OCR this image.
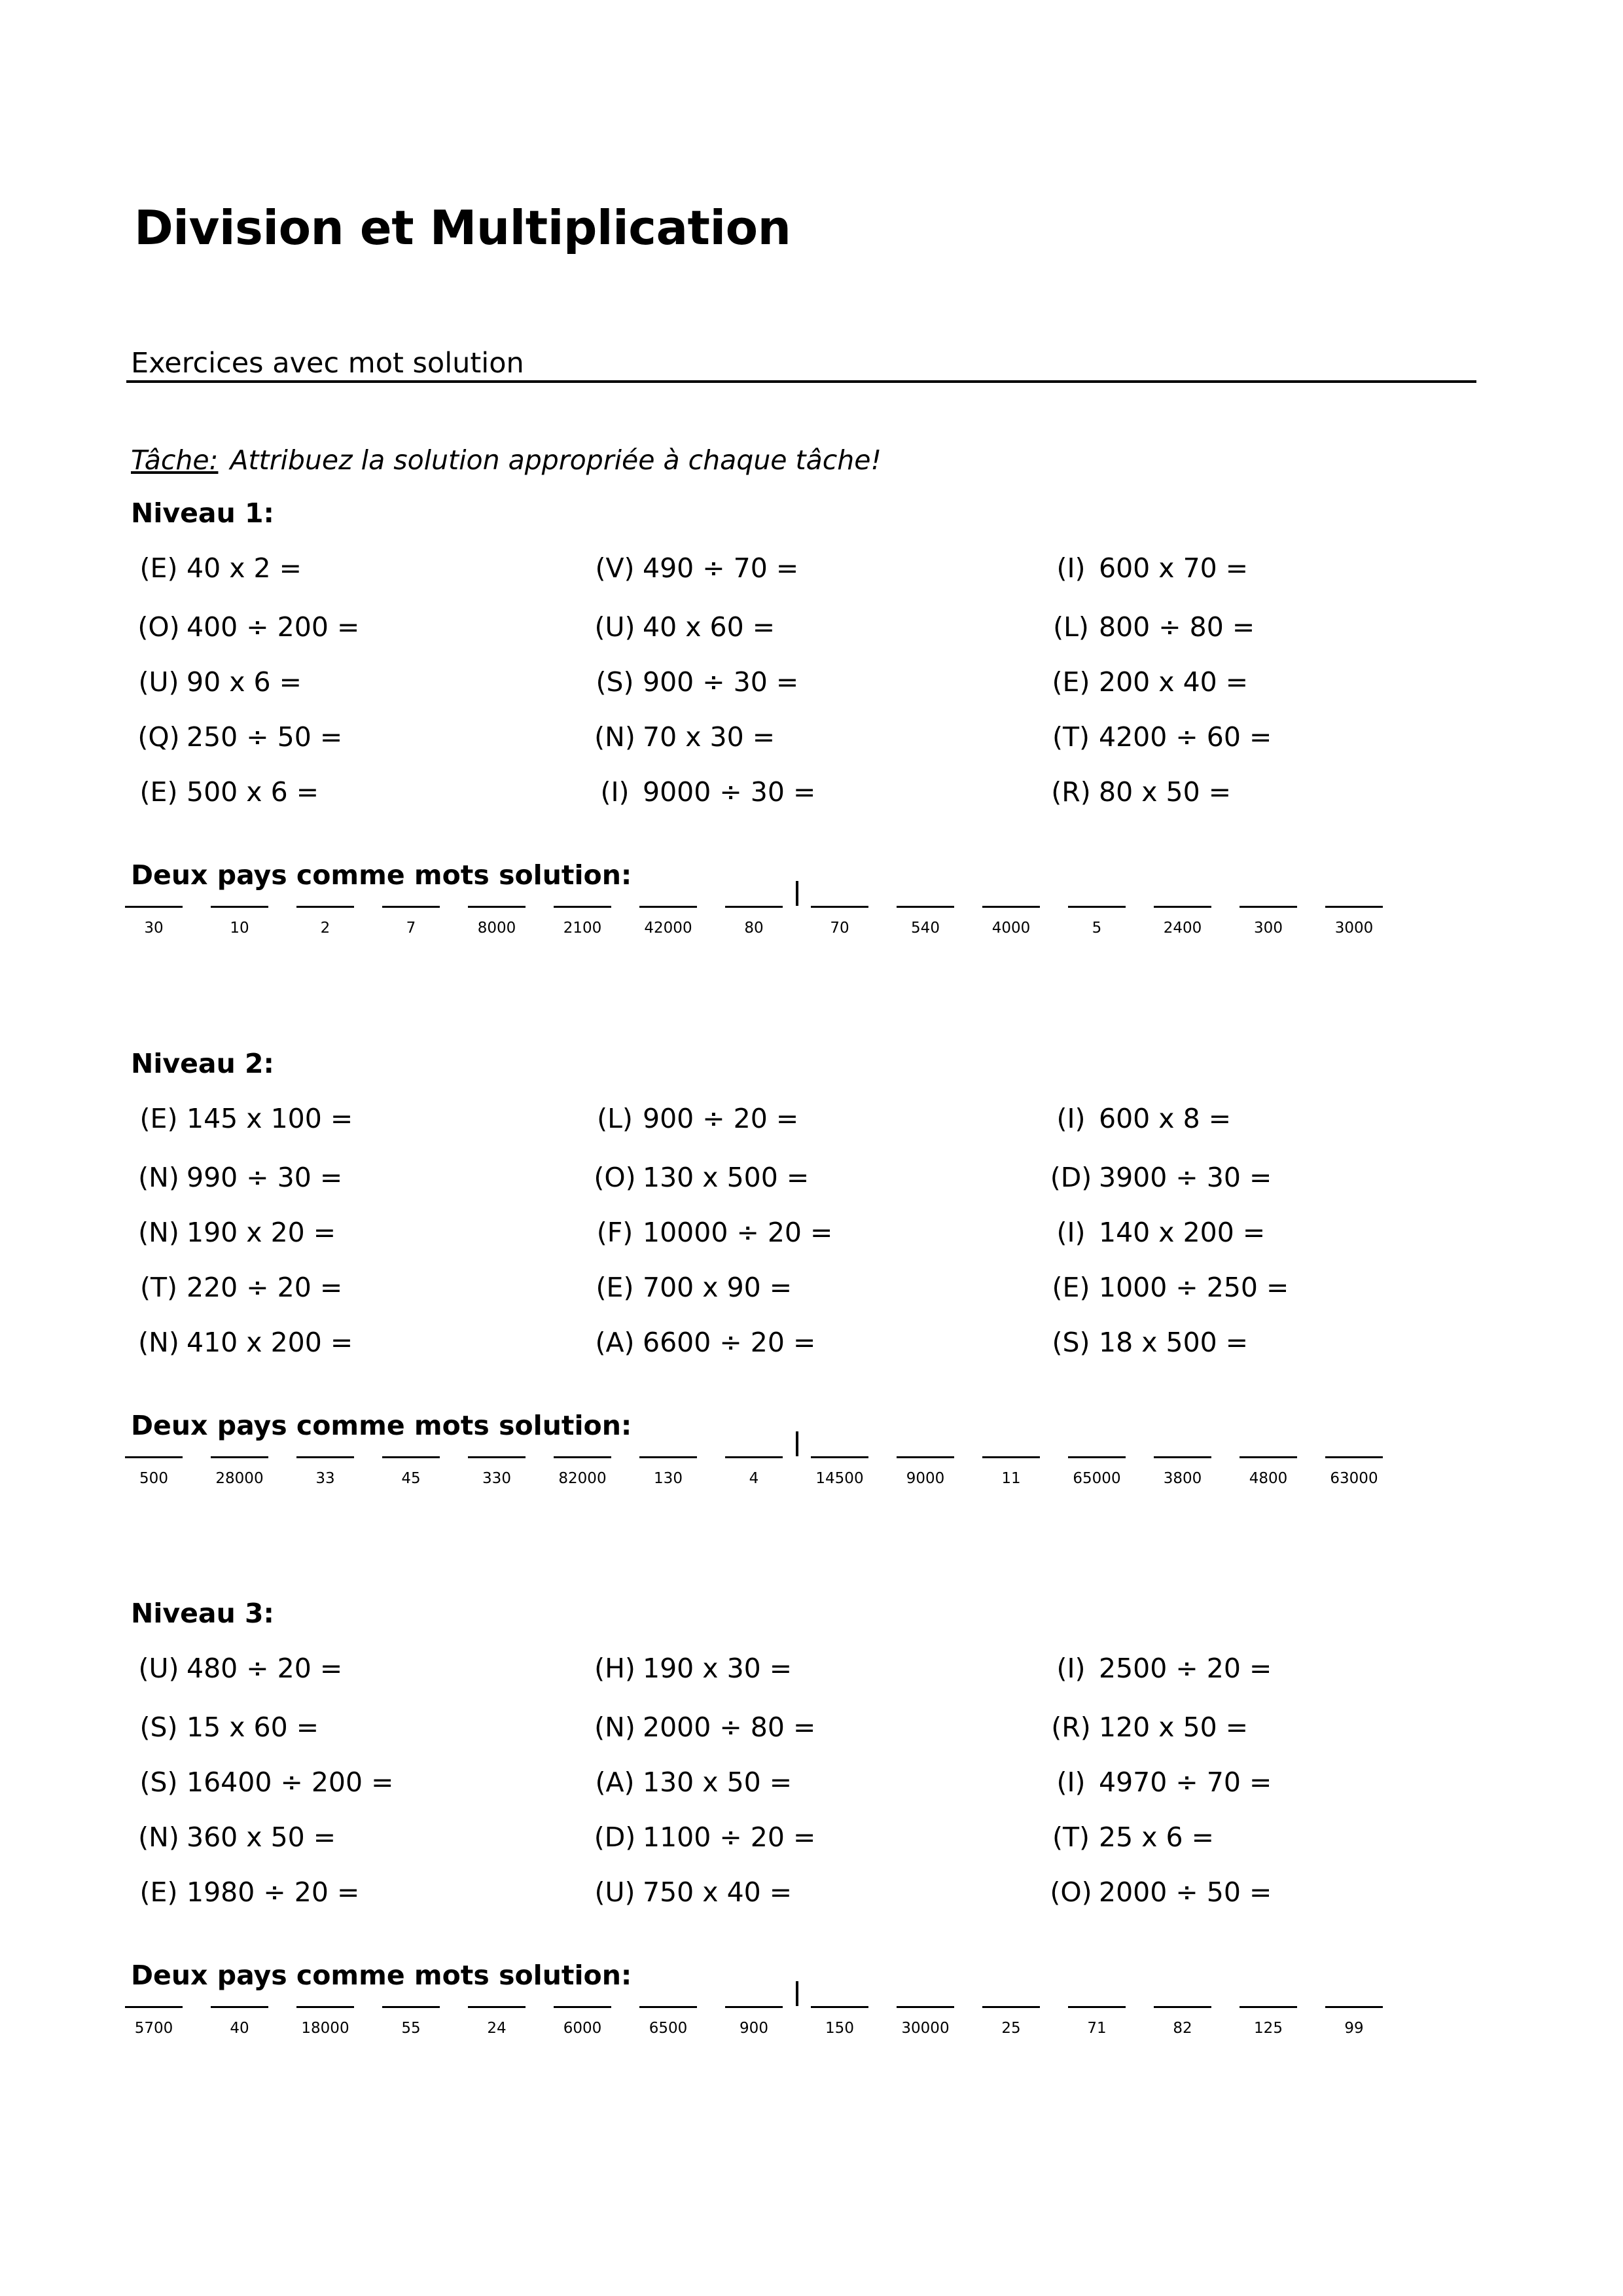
Division et Multiplication
Exercices avec mot solution
Tâche: Attribuez la solution appropriée à chaque tâche!
Niveau 1:
(E) 40 x 2 =	(V) 490 ÷ 70 =	(I) 600 x 70 =
(O) 400 ÷ 200 =	(U) 40 x 60 =	(L) 800 ÷ 80 =
(U) 90 x 6 =	(S) 900 ÷ 30 =	(E) 200 x 40 =
(Q) 250 ÷ 50 =	(N) 70 x 30 =	(T) 4200 ÷ 60 =
(E) 500 x 6 =	(I) 9000 ÷ 30 =	(R) 80 x 50 =
Deux pays comme mots solution:
30	10	2	7	8000	2100	42000	80	70	540	4000	5	2400	300	3000
Niveau 2:
(E) 145 x 100 =	(L) 900 ÷ 20 =	(I) 600 x 8 =
(N) 990 ÷ 30 =	(O) 130 x 500 =	(D) 3900 ÷ 30 =
(N) 190 x 20 =	(F) 10000 ÷ 20 =	(I) 140 x 200 =
(T) 220 ÷ 20 =	(E) 700 x 90 =	(E) 1000 ÷ 250 =
(N) 410 x 200 =	(A) 6600 ÷ 20 =	(S) 18 x 500 =
Deux pays comme mots solution:
500	28000	33	45	330	82000	130	4	14500	9000	11	65000	3800	4800	63000
Niveau 3:
(U) 480 ÷ 20 =	(H) 190 x 30 =	(I) 2500 ÷ 20 =
(S) 15 x 60 =	(N) 2000 ÷ 80 =	(R) 120 x 50 =
(S) 16400 ÷ 200 =	(A) 130 x 50 =	(I) 4970 ÷ 70 =
(N) 360 x 50 =	(D) 1100 ÷ 20 =	(T) 25 x 6 =
(E) 1980 ÷ 20 =	(U) 750 x 40 =	(O) 2000 ÷ 50 =
Deux pays comme mots solution:
5700	40	18000	55	24	6000	6500	900	150	30000	25	71	82	125	99
